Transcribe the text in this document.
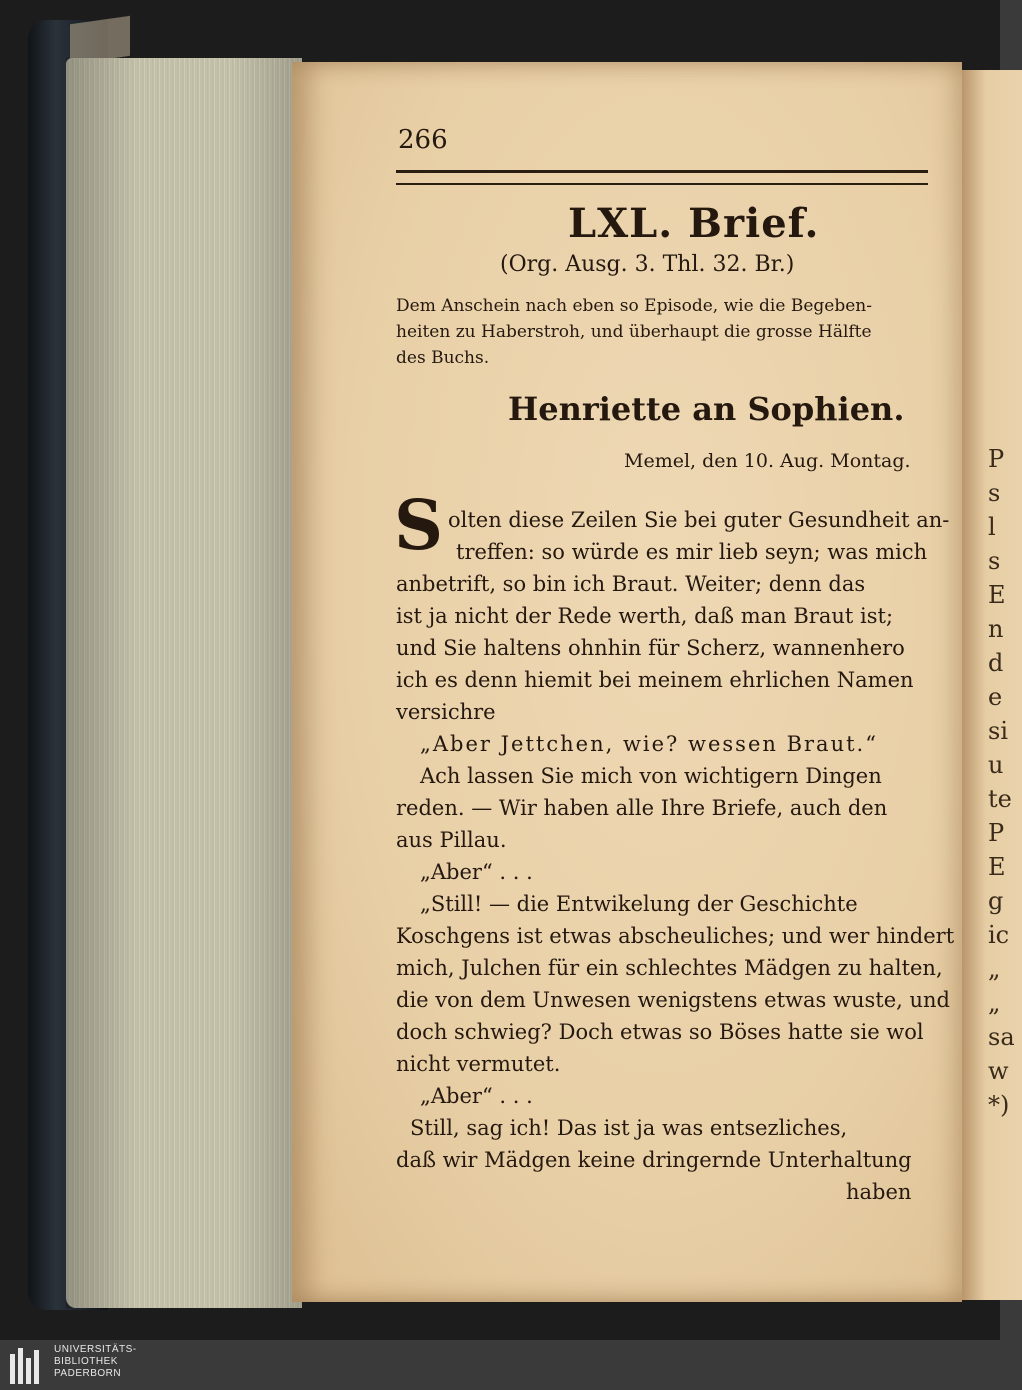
P
s
l
s
E
n
d
e
si
u
te
P
E
g
ic
„
„
sa
w
*)
266
LXL. Brief.
(Org. Ausg. 3. Thl. 32. Br.)
Dem Anschein nach eben so Episode, wie die Begeben-
heiten zu Haberstroh, und überhaupt die grosse Hälfte
des Buchs.
Henriette an Sophien.
Memel, den 10. Aug. Montag.
S olten diese Zeilen Sie bei guter Gesundheit an-
treffen: so würde es mir lieb seyn; was mich
anbetrift, so bin ich Braut. Weiter; denn das
ist ja nicht der Rede werth, daß man Braut ist;
und Sie haltens ohnhin für Scherz, wannenhero
ich es denn hiemit bei meinem ehrlichen Namen
versichre
„Aber Jettchen, wie? wessen Braut.“
Ach lassen Sie mich von wichtigern Dingen
reden. — Wir haben alle Ihre Briefe, auch den
aus Pillau.
„Aber“ . . .
„Still! — die Entwikelung der Geschichte
Koschgens ist etwas abscheuliches; und wer hindert
mich, Julchen für ein schlechtes Mädgen zu halten,
die von dem Unwesen wenigstens etwas wuste, und
doch schwieg? Doch etwas so Böses hatte sie wol
nicht vermutet.
„Aber“ . . .
Still, sag ich! Das ist ja was entsezliches,
daß wir Mädgen keine dringernde Unterhaltung
haben
UNIVERSITÄTS-
BIBLIOTHEK
PADERBORN
